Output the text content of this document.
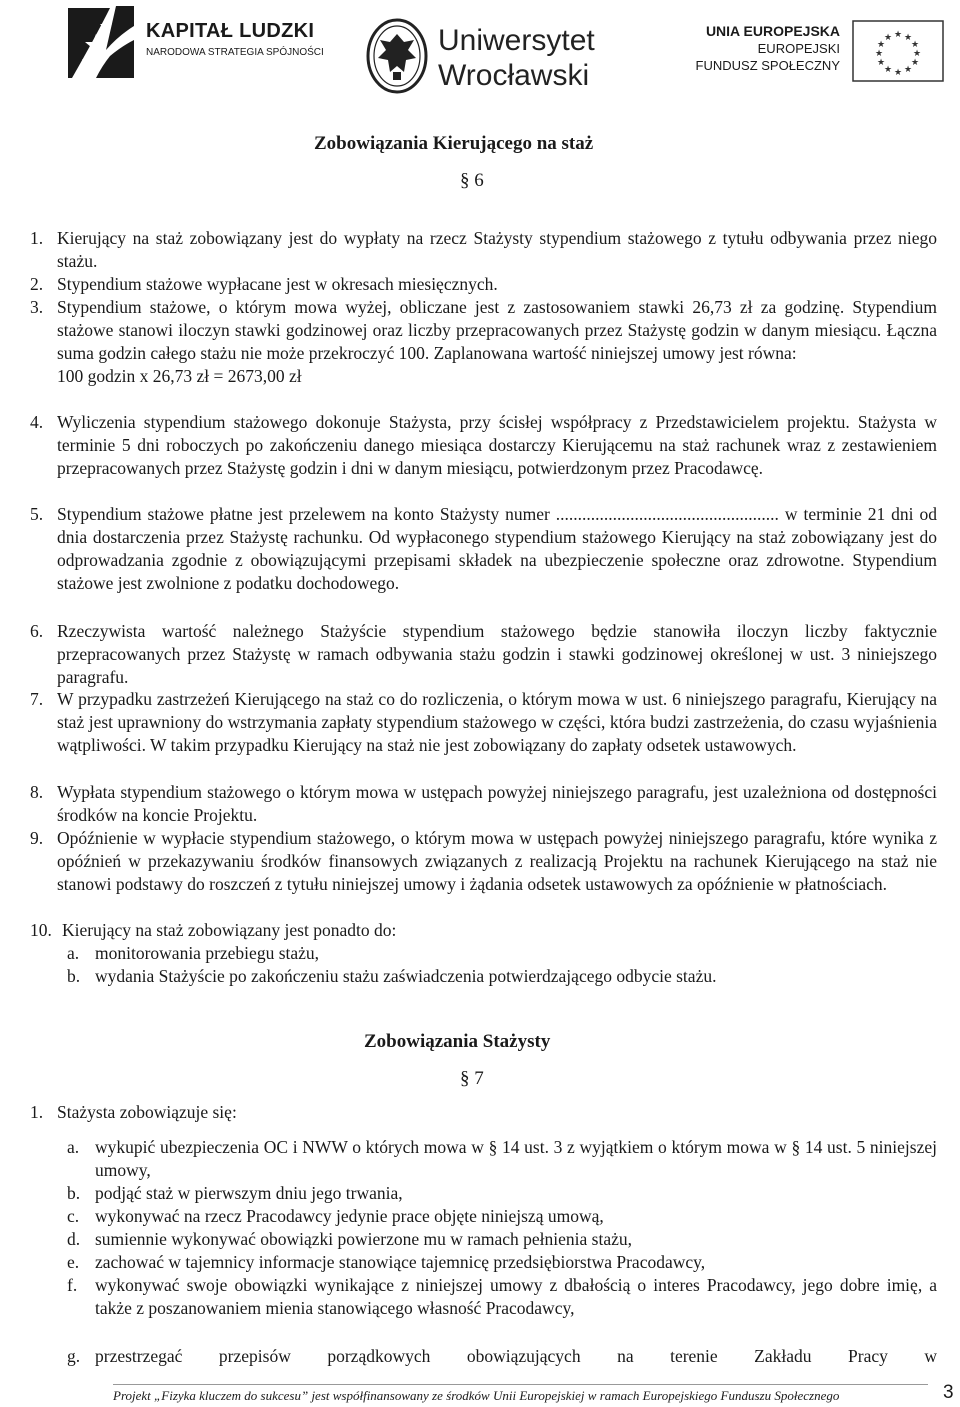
KAPITAŁ LUDZKI
NARODOWA STRATEGIA SPÓJNOŚCI	Uniwersytet
Wrocławski
UNIA EUROPEJSKA
EUROPEJSKI
FUNDUSZ SPOŁECZNY
★ ★
★
★
★
★
★
★
★
★
★
★
Zobowiązania Kierującego na staż
§ 6
1. Kierujący na staż zobowiązany jest do wypłaty na rzecz Stażysty stypendium stażowego z tytułu odbywania przez niego stażu.

2. Stypendium stażowe wypłacane jest w okresach miesięcznych.

3. Stypendium stażowe, o którym mowa wyżej, obliczane jest z zastosowaniem stawki 26,73 zł za godzinę. Stypendium stażowe stanowi iloczyn stawki godzinowej oraz liczby przepracowanych przez Stażystę godzin w danym miesiącu. Łączna suma godzin całego stażu nie może przekroczyć 100. Zaplanowana wartość niniejszej umowy jest równa:

100 godzin x 26,73 zł = 2673,00 zł

4. Wyliczenia stypendium stażowego dokonuje Stażysta, przy ścisłej współpracy z Przedstawicielem projektu. Stażysta w terminie 5 dni roboczych po zakończeniu danego miesiąca dostarczy Kierującemu na staż rachunek wraz z zestawieniem przepracowanych przez Stażystę godzin i dni w danym miesiącu, potwierdzonym przez Pracodawcę.

5. Stypendium stażowe płatne jest przelewem na konto Stażysty numer ................................................... w terminie 21 dni od dnia dostarczenia przez Stażystę rachunku. Od wypłaconego stypendium stażowego Kierujący na staż zobowiązany jest do odprowadzania zgodnie z obowiązującymi przepisami składek na ubezpieczenie społeczne oraz zdrowotne. Stypendium stażowe jest zwolnione z podatku dochodowego.

6. Rzeczywista wartość należnego Stażyście stypendium stażowego będzie stanowiła iloczyn liczby faktycznie przepracowanych przez Stażystę w ramach odbywania stażu godzin i stawki godzinowej określonej w ust. 3 niniejszego paragrafu.

7. W przypadku zastrzeżeń Kierującego na staż co do rozliczenia, o którym mowa w ust. 6 niniejszego paragrafu, Kierujący na staż jest uprawniony do wstrzymania zapłaty stypendium stażowego w części, która budzi zastrzeżenia, do czasu wyjaśnienia wątpliwości. W takim przypadku Kierujący na staż nie jest zobowiązany do zapłaty odsetek ustawowych.

8. Wypłata stypendium stażowego o którym mowa w ustępach powyżej niniejszego paragrafu, jest uzależniona od dostępności środków na koncie Projektu.

9. Opóźnienie w wypłacie stypendium stażowego, o którym mowa w ustępach powyżej niniejszego paragrafu, które wynika z opóźnień w przekazywaniu środków finansowych związanych z realizacją Projektu na rachunek Kierującego na staż nie stanowi podstawy do roszczeń z tytułu niniejszej umowy i żądania odsetek ustawowych za opóźnienie w płatnościach.

10. Kierujący na staż zobowiązany jest ponadto do:

a. monitorowania przebiegu stażu,

b. wydania Stażyście po zakończeniu stażu zaświadczenia potwierdzającego odbycie stażu.

Zobowiązania Stażysty
§ 7
1. Stażysta zobowiązuje się:

a. wykupić ubezpieczenia OC i NWW o których mowa w § 14 ust. 3 z wyjątkiem o którym mowa w § 14 ust. 5 niniejszej umowy,

b. podjąć staż w pierwszym dniu jego trwania,

c. wykonywać na rzecz Pracodawcy jedynie prace objęte niniejszą umową,

d. sumiennie wykonywać obowiązki powierzone mu w ramach pełnienia stażu,

e. zachować w tajemnicy informacje stanowiące tajemnicę przedsiębiorstwa Pracodawcy,

f. wykonywać swoje obowiązki wynikające z niniejszej umowy z dbałością o interes Pracodawcy, jego dobre imię, a także z poszanowaniem mienia stanowiącego własność Pracodawcy,

g. przestrzegać przepisów porządkowych obowiązujących na terenie Zakładu Pracy w

Projekt „Fizyka kluczem do sukcesu” jest współfinansowany ze środków Unii Europejskiej w ramach Europejskiego Funduszu Społecznego	3
